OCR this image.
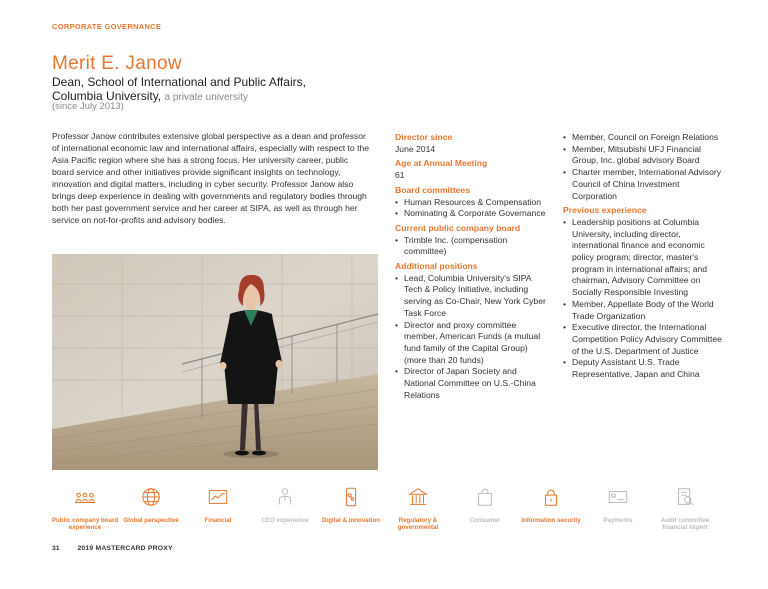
CORPORATE GOVERNANCE
Merit E. Janow
Dean, School of International and Public Affairs,
Columbia University, a private university
(since July 2013)

Professor Janow contributes extensive global perspective as a dean and professor of international economic law and international affairs, especially with respect to the Asia Pacific region where she has a strong focus. Her university career, public board service and other initiatives provide significant insights on technology, innovation and digital matters, including in cyber security. Professor Janow also brings deep experience in dealing with governments and regulatory bodies through both her past government service and her career at SIPA, as well as through her service on not-for-profits and advisory bodies.

Director since
June 2014
Age at Annual Meeting
61
Board committees
• Human Resources & Compensation
• Nominating & Corporate Governance
Current public company board
• Trimble Inc. (compensation committee)
Additional positions
• Lead, Columbia University's SIPA Tech & Policy Initiative, including serving as Co-Chair, New York Cyber Task Force
• Director and proxy committee member, American Funds (a mutual fund family of the Capital Group) (more than 20 funds)
• Director of Japan Society and National Committee on U.S.-China Relations
• Member, Council on Foreign Relations
• Member, Mitsubishi UFJ Financial Group, Inc. global advisory Board
• Charter member, International Advisory Council of China Investment Corporation
Previous experience
• Leadership positions at Columbia University, including director, international finance and economic policy program; director, master's program in international affairs; and chairman, Advisory Committee on Socially Responsible Investing
• Member, Appellate Body of the World Trade Organization
• Executive director, the International Competition Policy Advisory Committee of the U.S. Department of Justice
• Deputy Assistant U.S. Trade Representative, Japan and China
Public company board experience
Global perspective	Financial	CEO experience	Digital & innovation	Regulatory & governmental
Consumer	Information security	Payments	Audit committee financial expert
31	2019 MASTERCARD PROXY
